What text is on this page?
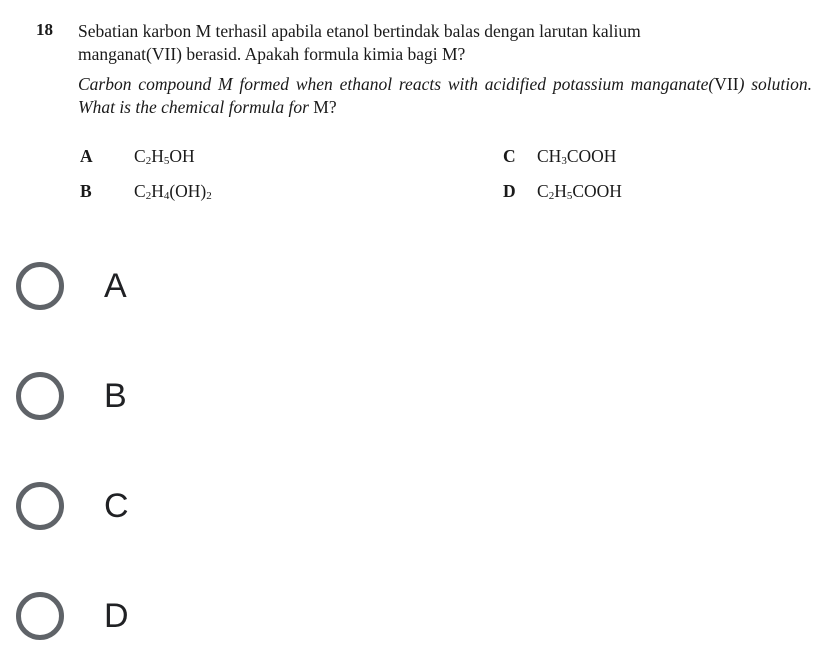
18 Sebatian karbon M terhasil apabila etanol bertindak balas dengan larutan kalium
manganat(VII) berasid. Apakah formula kimia bagi M?
Carbon compound M formed when ethanol reacts with acidified potassium manganate(VII) solution. What is the chemical formula for M?
A $C_2H_5OH$
B $C_2H_4(OH)_2$
C $CH_3COOH$
D $C_2H_5COOH$
A
B
C
D
